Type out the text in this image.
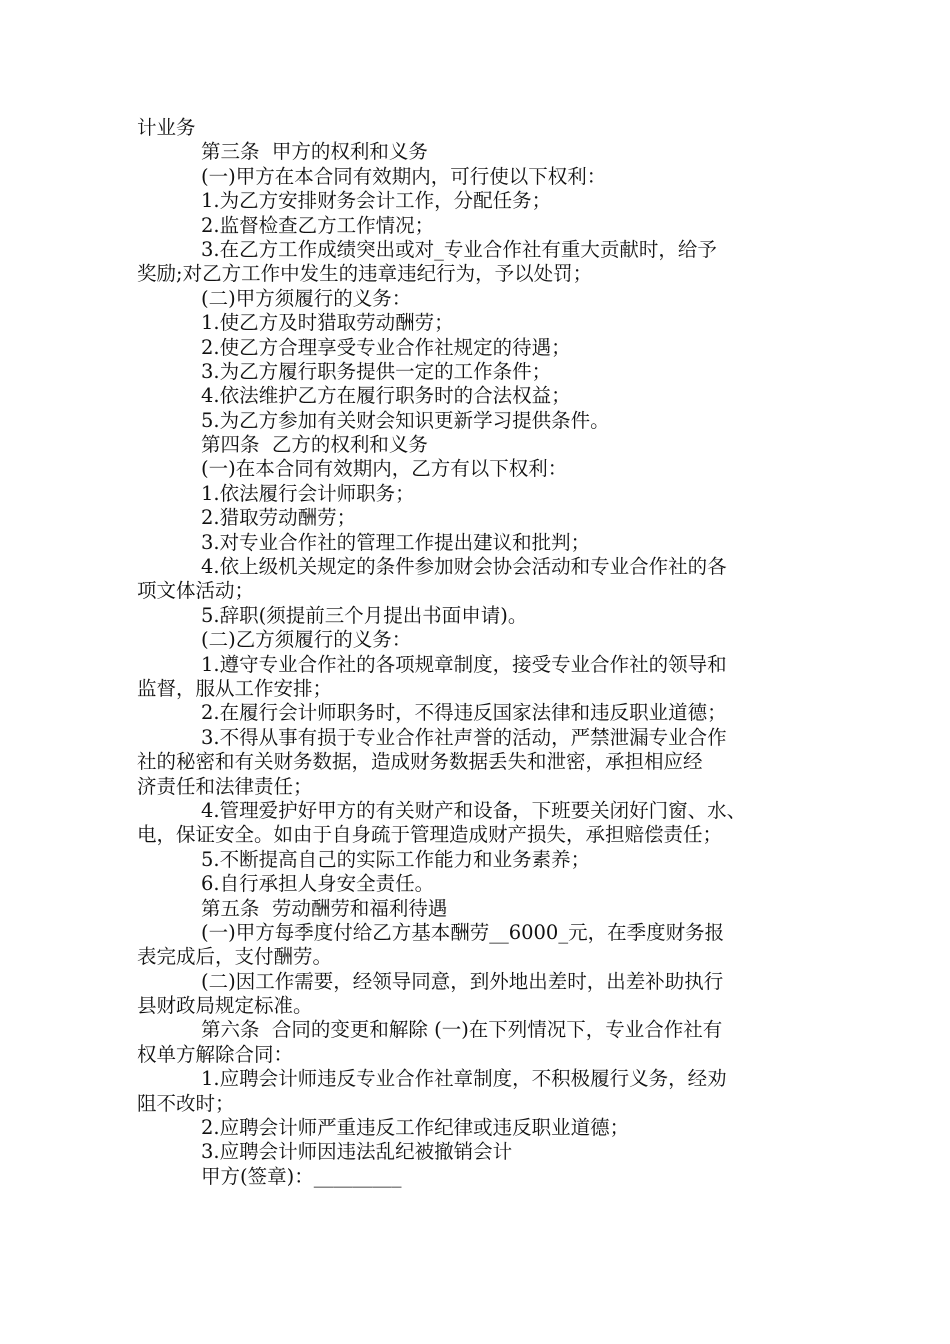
计业务
第三条  甲方的权利和义务
(一)甲方在本合同有效期内，可行使以下权利：
1.为乙方安排财务会计工作，分配任务；
2.监督检查乙方工作情况；
3.在乙方工作成绩突出或对_专业合作社有重大贡献时，给予
奖励;对乙方工作中发生的违章违纪行为，予以处罚；
(二)甲方须履行的义务：
1.使乙方及时猎取劳动酬劳；
2.使乙方合理享受专业合作社规定的待遇；
3.为乙方履行职务提供一定的工作条件；
4.依法维护乙方在履行职务时的合法权益；
5.为乙方参加有关财会知识更新学习提供条件。
第四条  乙方的权利和义务
(一)在本合同有效期内，乙方有以下权利：
1.依法履行会计师职务；
2.猎取劳动酬劳；
3.对专业合作社的管理工作提出建议和批判；
4.依上级机关规定的条件参加财会协会活动和专业合作社的各
项文体活动；
5.辞职(须提前三个月提出书面申请)。
(二)乙方须履行的义务：
1.遵守专业合作社的各项规章制度，接受专业合作社的领导和
监督，服从工作安排；
2.在履行会计师职务时，不得违反国家法律和违反职业道德；
3.不得从事有损于专业合作社声誉的活动，严禁泄漏专业合作
社的秘密和有关财务数据，造成财务数据丢失和泄密，承担相应经
济责任和法律责任；
4.管理爱护好甲方的有关财产和设备，下班要关闭好门窗、水、
电，保证安全。如由于自身疏于管理造成财产损失，承担赔偿责任；
5.不断提高自己的实际工作能力和业务素养；
6.自行承担人身安全责任。
第五条  劳动酬劳和福利待遇
(一)甲方每季度付给乙方基本酬劳__6000_元，在季度财务报
表完成后，支付酬劳。
(二)因工作需要，经领导同意，到外地出差时，出差补助执行
县财政局规定标准。
第六条  合同的变更和解除 (一)在下列情况下，专业合作社有
权单方解除合同：
1.应聘会计师违反专业合作社章制度，不积极履行义务，经劝
阻不改时；
2.应聘会计师严重违反工作纪律或违反职业道德；
3.应聘会计师因违法乱纪被撤销会计
甲方(签章)：_________
